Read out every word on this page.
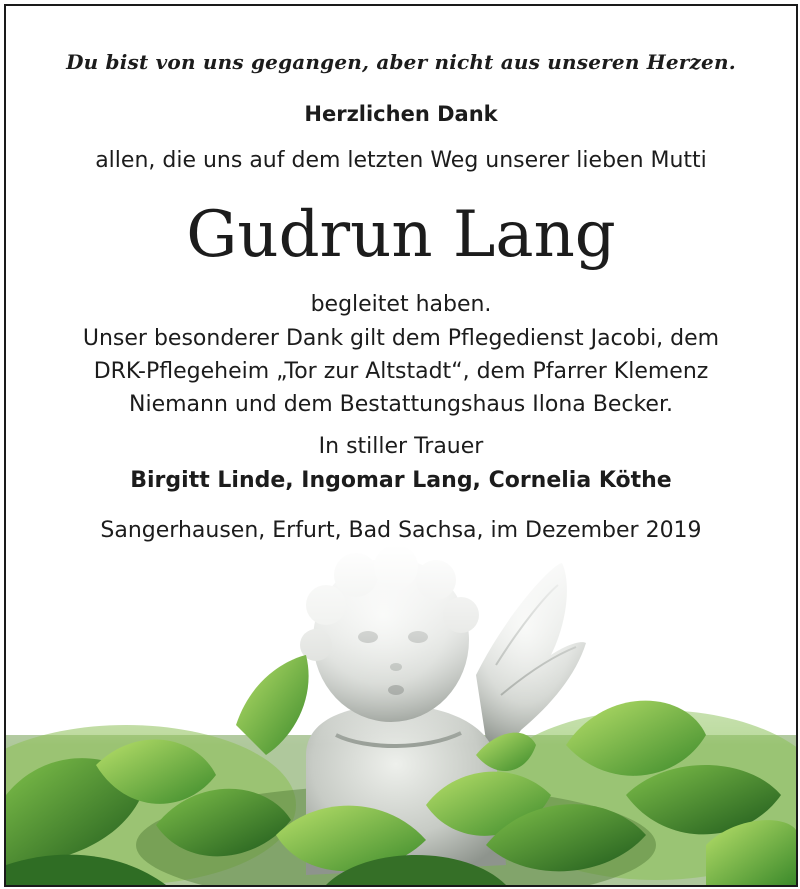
Du bist von uns gegangen, aber nicht aus unseren Herzen.
Herzlichen Dank
allen, die uns auf dem letzten Weg unserer lieben Mutti
Gudrun Lang
begleitet haben.
Unser besonderer Dank gilt dem Pflegedienst Jacobi, dem
DRK-Pflegeheim „Tor zur Altstadt“, dem Pfarrer Klemenz
Niemann und dem Bestattungshaus Ilona Becker.
In stiller Trauer
Birgitt Linde, Ingomar Lang, Cornelia Köthe
Sangerhausen, Erfurt, Bad Sachsa, im Dezember 2019
